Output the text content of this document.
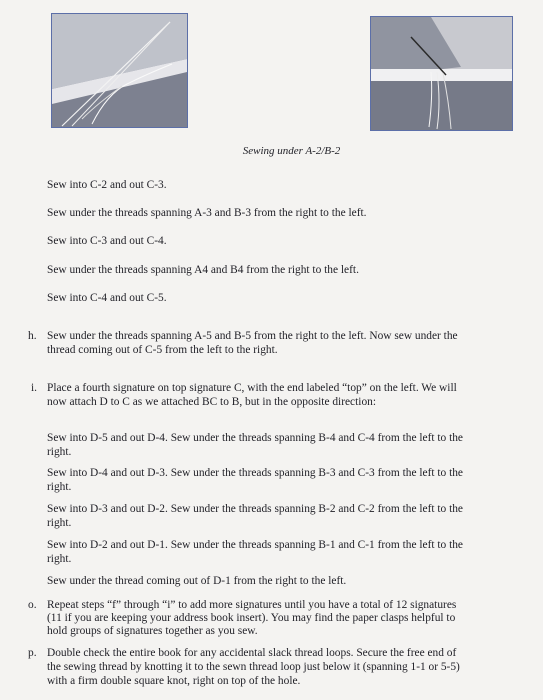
Sewing under A-2/B-2
Sew into C-2 and out C-3.
Sew under the threads spanning A-3 and B-3 from the right to the left.
Sew into C-3 and out C-4.
Sew under the threads spanning A4 and B4 from the right to the left.
Sew into C-4 and out C-5.
h. Sew under the threads spanning A-5 and B-5 from the right to the left. Now sew under the
thread coming out of C-5 from the left to the right.
i. Place a fourth signature on top signature C, with the end labeled “top” on the left. We will
now attach D to C as we attached BC to B, but in the opposite direction:
Sew into D-5 and out D-4. Sew under the threads spanning B-4 and C-4 from the left to the
right.
Sew into D-4 and out D-3. Sew under the threads spanning B-3 and C-3 from the left to the
right.
Sew into D-3 and out D-2. Sew under the threads spanning B-2 and C-2 from the left to the
right.
Sew into D-2 and out D-1. Sew under the threads spanning B-1 and C-1 from the left to the
right.
Sew under the thread coming out of D-1 from the right to the left.
o. Repeat steps “f” through “i” to add more signatures until you have a total of 12 signatures
(11 if you are keeping your address book insert). You may find the paper clasps helpful to
hold groups of signatures together as you sew.
p. Double check the entire book for any accidental slack thread loops. Secure the free end of
the sewing thread by knotting it to the sewn thread loop just below it (spanning 1-1 or 5-5)
with a firm double square knot, right on top of the hole.
